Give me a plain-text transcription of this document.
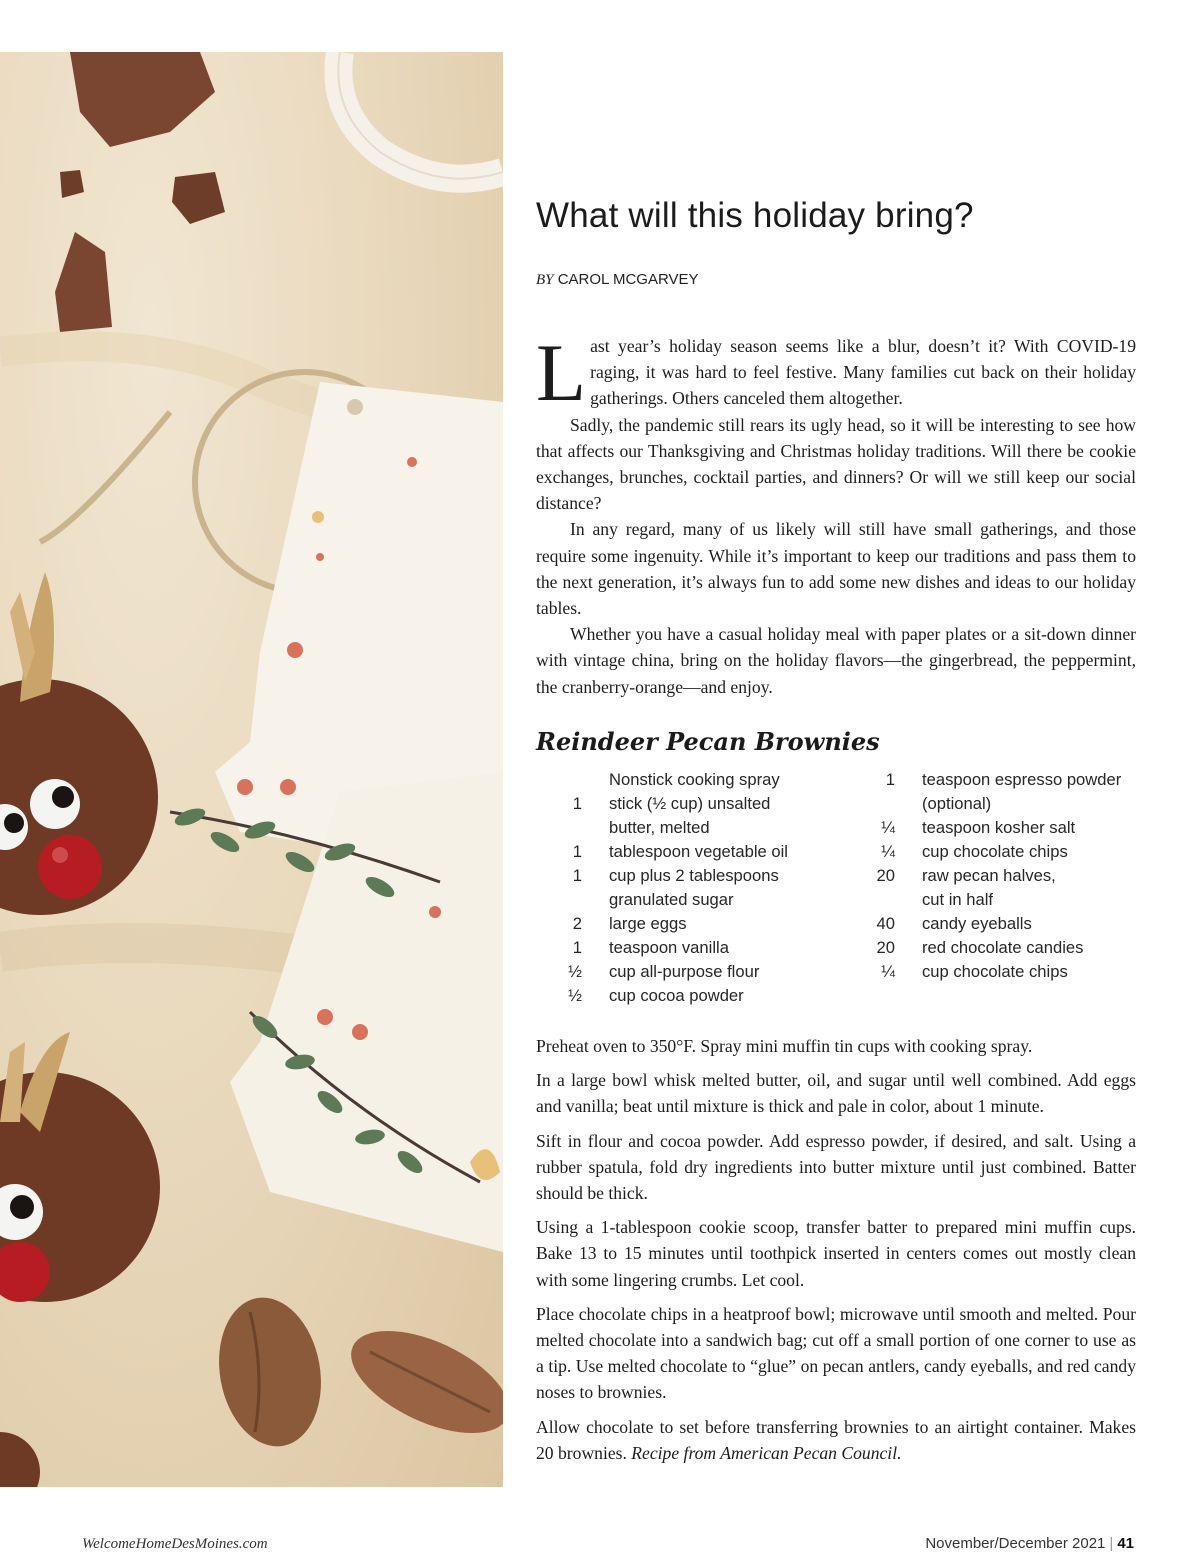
What will this holiday bring?
BY CAROL MCGARVEY

Last year’s holiday season seems like a blur, doesn’t it? With COVID-19 raging, it was hard to feel festive. Many families cut back on their holiday gatherings. Others canceled them altogether.

Sadly, the pandemic still rears its ugly head, so it will be interesting to see how that affects our Thanksgiving and Christmas holiday traditions. Will there be cookie exchanges, brunches, cocktail parties, and dinners? Or will we still keep our social distance?

In any regard, many of us likely will still have small gatherings, and those require some ingenuity. While it’s important to keep our traditions and pass them to the next generation, it’s always fun to add some new dishes and ideas to our holiday tables.

Whether you have a casual holiday meal with paper plates or a sit-down dinner with vintage china, bring on the holiday flavors—the gingerbread, the peppermint, the cranberry-orange—and enjoy.

Reindeer Pecan Brownies
Nonstick cooking spray
1 stick (½ cup) unsalted
butter, melted
1 tablespoon vegetable oil
1 cup plus 2 tablespoons
granulated sugar
2 large eggs
1 teaspoon vanilla
½ cup all-purpose flour
½ cup cocoa powder
1 teaspoon espresso powder
(optional)
¼ teaspoon kosher salt
¼ cup chocolate chips
20 raw pecan halves,
cut in half
40 candy eyeballs
20 red chocolate candies
¼ cup chocolate chips

Preheat oven to 350°F. Spray mini muffin tin cups with cooking spray.

In a large bowl whisk melted butter, oil, and sugar until well combined. Add eggs and vanilla; beat until mixture is thick and pale in color, about 1 minute.

Sift in flour and cocoa powder. Add espresso powder, if desired, and salt. Using a rubber spatula, fold dry ingredients into butter mixture until just combined. Batter should be thick.

Using a 1-tablespoon cookie scoop, transfer batter to prepared mini muffin cups. Bake 13 to 15 minutes until toothpick inserted in centers comes out mostly clean with some lingering crumbs. Let cool.

Place chocolate chips in a heatproof bowl; microwave until smooth and melted. Pour melted chocolate into a sandwich bag; cut off a small portion of one corner to use as a tip. Use melted chocolate to “glue” on pecan antlers, candy eyeballs, and red candy noses to brownies.

Allow chocolate to set before transferring brownies to an airtight container. Makes 20 brownies. Recipe from American Pecan Council.

WelcomeHomeDesMoines.com	November/December 2021 | 41
